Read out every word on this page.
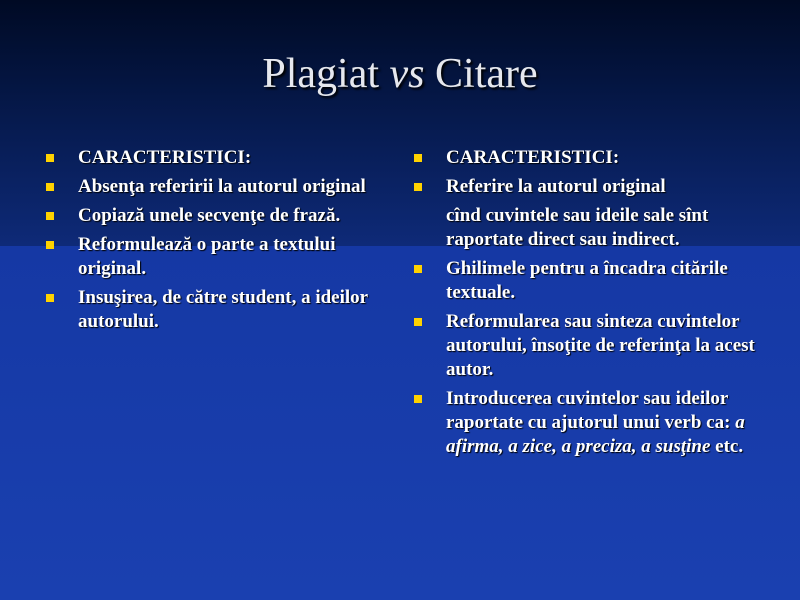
Plagiat vs Citare
CARACTERISTICI:
Absenţa referirii la autorul original
Copiază unele secvenţe de frază.
Reformulează o parte a textului original.
Insuşirea, de către student, a ideilor autorului.
CARACTERISTICI:
Referire la autorul original
cînd cuvintele sau ideile sale sînt raportate direct sau indirect.
Ghilimele pentru a încadra citările textuale.
Reformularea sau sinteza cuvintelor autorului, însoţite de referinţa la acest autor.
Introducerea cuvintelor sau ideilor raportate cu ajutorul unui verb ca: a afirma, a zice, a preciza, a susţine etc.
